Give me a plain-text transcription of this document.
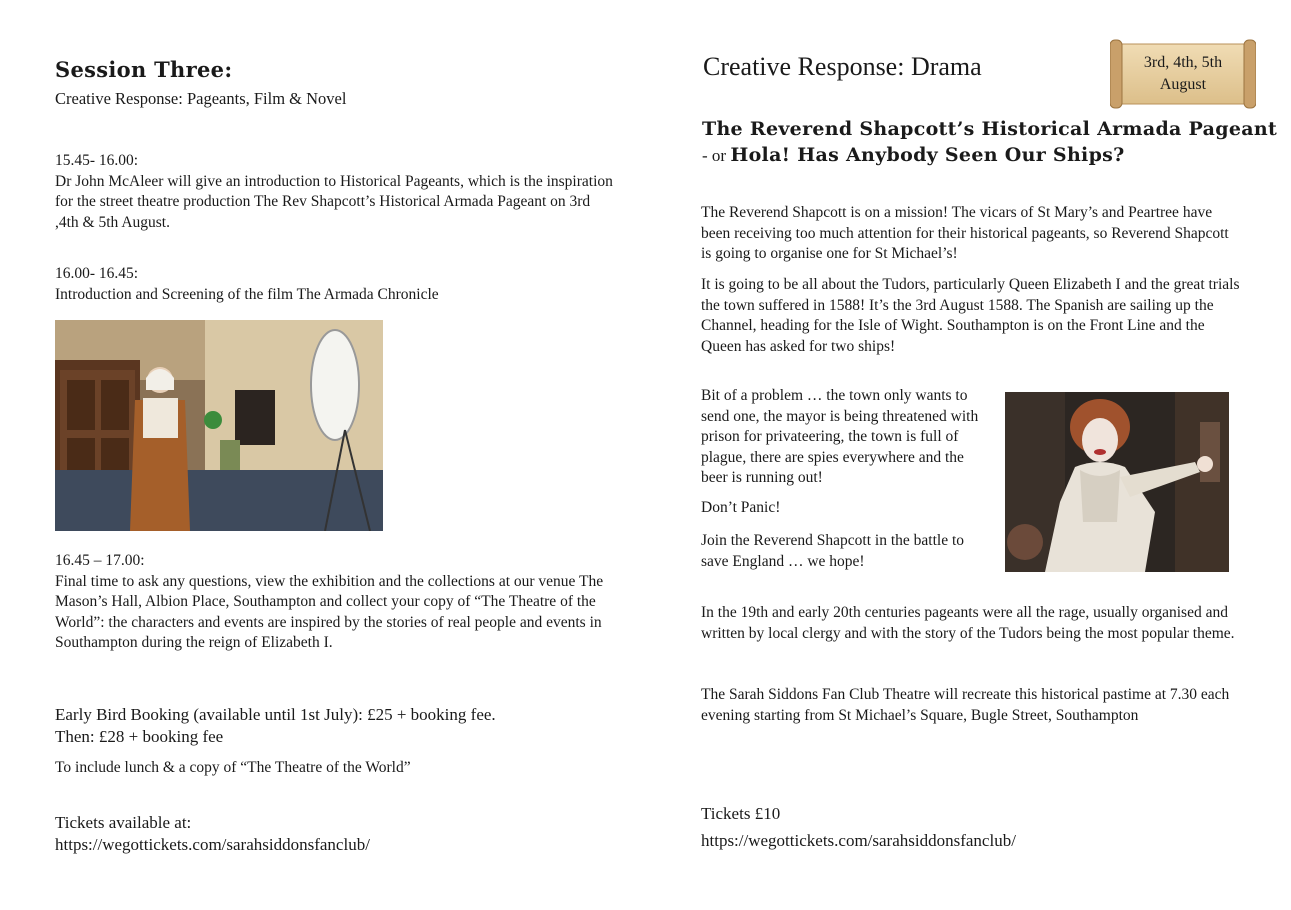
Session Three:
Creative Response: Pageants, Film & Novel
15.45- 16.00:
Dr John McAleer will give an introduction to Historical Pageants, which is the inspiration for the street theatre production The Rev Shapcott’s Historical Armada Pageant on 3rd ,4th & 5th August.
16.00- 16.45:
Introduction and Screening of the film The Armada Chronicle
16.45 – 17.00:
Final time to ask any questions, view the exhibition and the collections at our venue The Mason’s Hall, Albion Place, Southampton and collect your copy of “The Theatre of the World”: the characters and events are inspired by the stories of real people and events in Southampton during the reign of Elizabeth I.
Early Bird Booking (available until 1st July): £25 + booking fee.
Then: £28 + booking fee
To include lunch & a copy of “The Theatre of the World”
Tickets available at:
https://wegottickets.com/sarahsiddonsfanclub/
Creative Response: Drama	3rd, 4th, 5th
August
The Reverend Shapcott’s Historical Armada Pageant
- or Hola! Has Anybody Seen Our Ships?

The Reverend Shapcott is on a mission! The vicars of St Mary’s and Peartree have been receiving too much attention for their historical pageants, so Reverend Shapcott is going to organise one for St Michael’s!

It is going to be all about the Tudors, particularly Queen Elizabeth I and the great trials the town suffered in 1588! It’s the 3rd August 1588. The Spanish are sailing up the Channel, heading for the Isle of Wight. Southampton is on the Front Line and the Queen has asked for two ships!

Bit of a problem … the town only wants to send one, the mayor is being threatened with prison for privateering, the town is full of plague, there are spies everywhere and the beer is running out!

Don’t Panic!

Join the Reverend Shapcott in the battle to save England … we hope!

In the 19th and early 20th centuries pageants were all the rage, usually organised and written by local clergy and with the story of the Tudors being the most popular theme.

The Sarah Siddons Fan Club Theatre will recreate this historical pastime at 7.30 each evening starting from St Michael’s Square, Bugle Street, Southampton

Tickets £10
https://wegottickets.com/sarahsiddonsfanclub/
